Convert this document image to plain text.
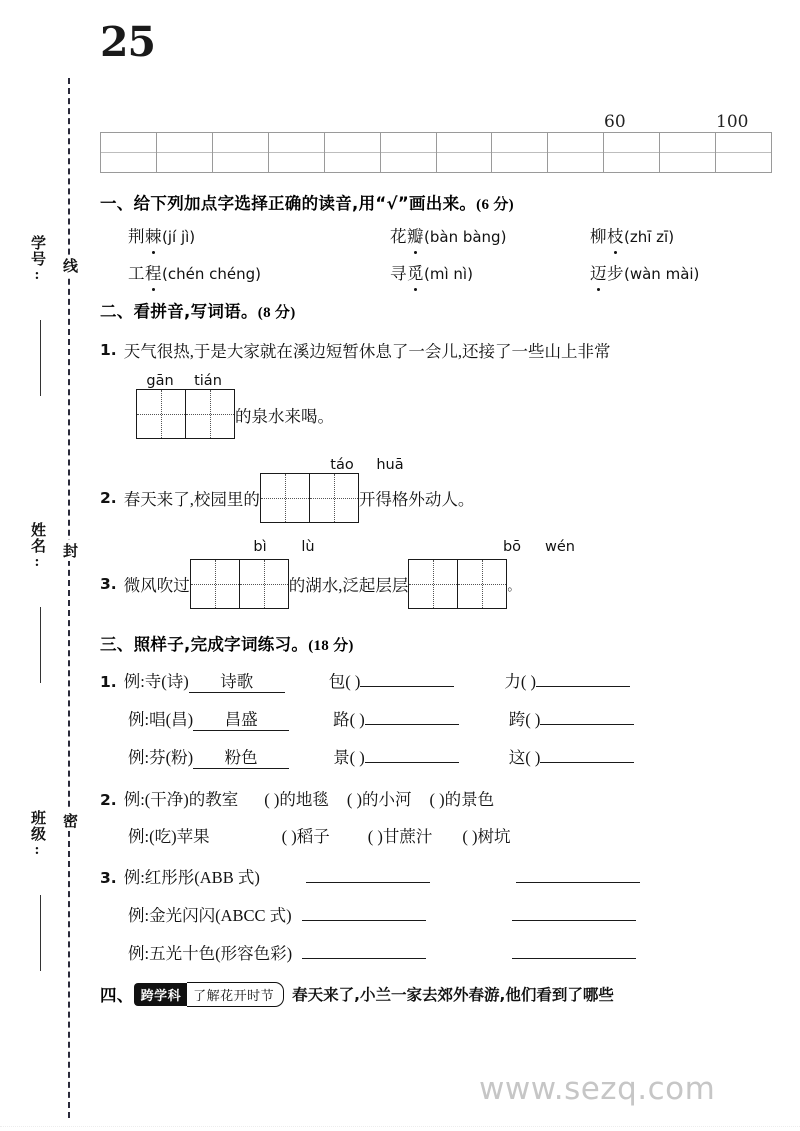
25
线
封
密
学号:
姓名:
班级:
60	100
一、给下列加点字选择正确的读音,用“√”画出来。(6 分)
荆棘(jí jì)	花瓣(bàn bàng)	柳枝(zhī zī)
工程(chén chéng)	寻觅(mì nì)	迈步(wàn mài)
二、看拼音,写词语。(8 分)
1. 天气很热,于是大家就在溪边短暂休息了一会儿,还接了一些山上非常
gān	tián
的泉水来喝。
táo	huā
2. 春天来了,校园里的	开得格外动人。
bì	lù	bō	wén
3. 微风吹过	的湖水,泛起层层	。
三、照样子,完成字词练习。(18 分)
1. 例: 寺(诗)	诗歌	包( )	力( )
例: 唱(昌)	昌盛	路( )	跨( )
例: 芬(粉)	粉色	景( )	这( )
2. 例:(干净)的教室 ( )的地毯 ( )的小河 ( )的景色
例:(吃)苹果	( )稻子 ( )甘蔗汁 ( )树坑
3. 例:红彤彤(ABB 式)
例:金光闪闪(ABCC 式)
例:五光十色(形容色彩)
四、 跨学科 了解花开时节	春天来了,小兰一家去郊外春游,他们看到了哪些
www.sezq.com
